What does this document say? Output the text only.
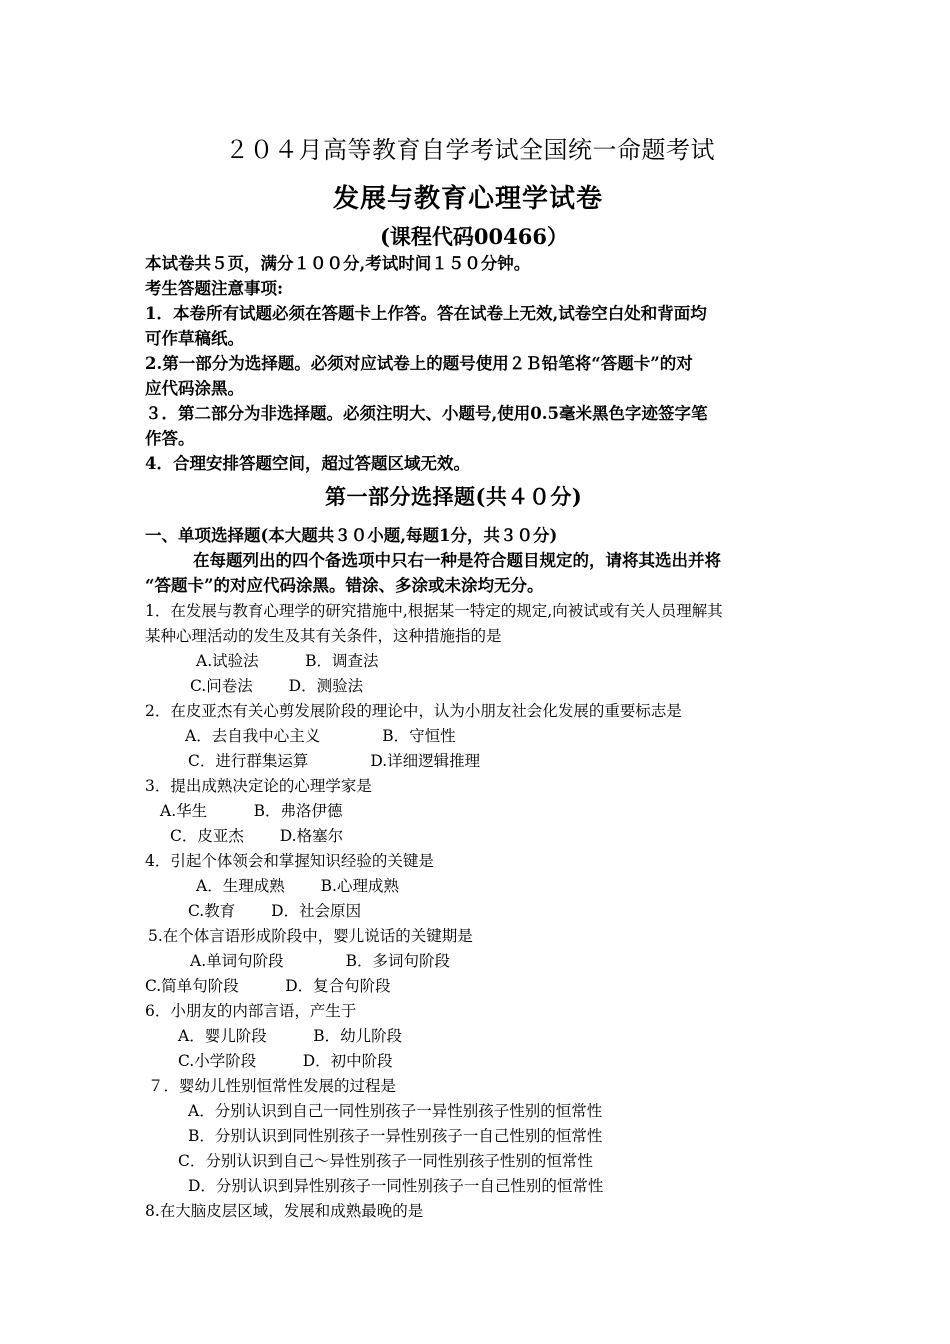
２０４月高等教育自学考试全国统一命题考试
发展与教育心理学试卷
(课程代码00466）
本试卷共５页，满分１００分,考试时间１５０分钟。
考生答题注意事项:
1．本卷所有试题必须在答题卡上作答。答在试卷上无效,试卷空白处和背面均
可作草稿纸。
2.第一部分为选择题。必须对应试卷上的题号使用２Ｂ铅笔将“答题卡”的对
应代码涂黑。
３．第二部分为非选择题。必须注明大、小题号,使用0.5毫米黑色字迹签字笔
作答。
4．合理安排答题空间，超过答题区域无效。
第一部分选择题(共４０分)
一、单项选择题(本大题共３０小题,每题1分，共３０分)
在每题列出的四个备选项中只右一种是符合题目规定的，请将其选出并将
“答题卡”的对应代码涂黑。错涂、多涂或未涂均无分。
1．在发展与教育心理学的研究措施中,根据某一特定的规定,向被试或有关人员理解其
某种心理活动的发生及其有关条件，这种措施指的是
A.试验法　　　B．调查法
C.问卷法　　 D．测验法
2．在皮亚杰有关心剪发展阶段的理论中，认为小朋友社会化发展的重要标志是
A．去自我中心主义　　　　B．守恒性
C．进行群集运算　　　　D.详细逻辑推理
3．提出成熟决定论的心理学家是
A.华生　　　B．弗洛伊德
C．皮亚杰　　 D.格塞尔
4．引起个体领会和掌握知识经验的关键是
A．生理成熟　　 B.心理成熟
C.教育　　 D．社会原因
5.在个体言语形成阶段中，婴儿说话的关键期是
A.单词句阶段　　　　B．多词句阶段
C.简单句阶段　　　D．复合句阶段
6．小朋友的内部言语，产生于
A．婴儿阶段　　　B．幼儿阶段
C.小学阶段　　　D．初中阶段
７．婴幼儿性别恒常性发展的过程是
A．分别认识到自己一同性别孩子一异性别孩子性别的恒常性
B．分别认识到同性别孩子一异性别孩子一自己性别的恒常性
C．分别认识到自己～异性别孩子一同性别孩子性别的恒常性
D．分别认识到异性别孩子一同性别孩子一自己性别的恒常性
8.在大脑皮层区域，发展和成熟最晚的是
